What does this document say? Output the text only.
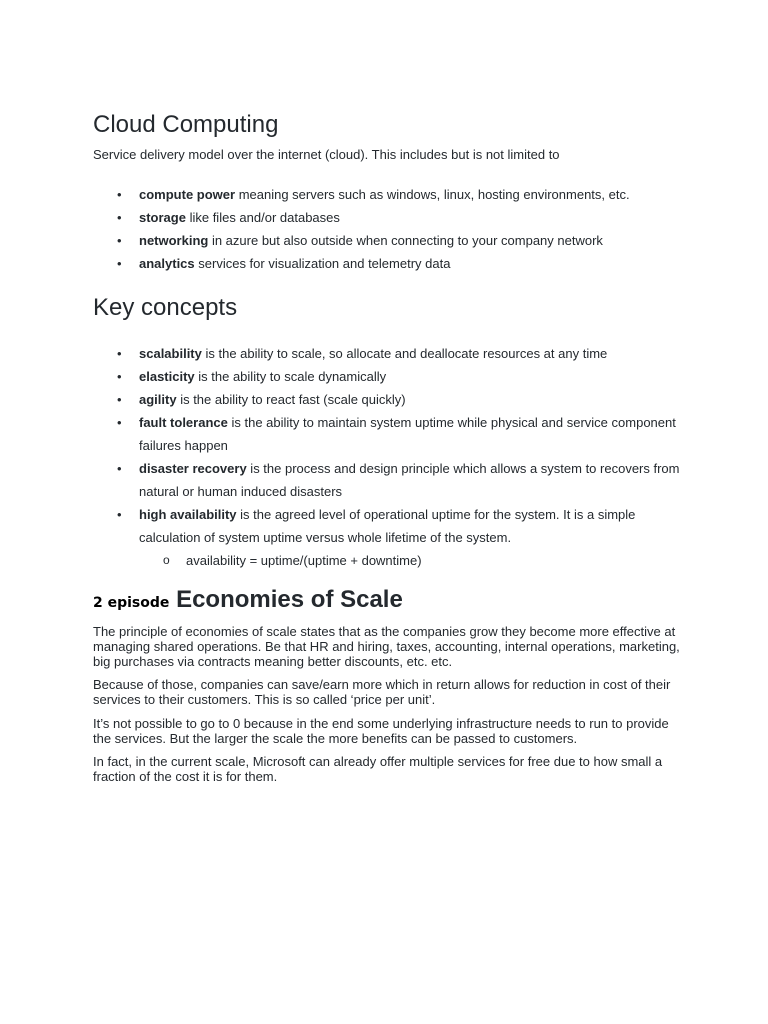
Cloud Computing

Service delivery model over the internet (cloud). This includes but is not limited to

• compute power meaning servers such as windows, linux, hosting environments, etc.
• storage like files and/or databases
• networking in azure but also outside when connecting to your company network
• analytics services for visualization and telemetry data
Key concepts
• scalability is the ability to scale, so allocate and deallocate resources at any time
• elasticity is the ability to scale dynamically
• agility is the ability to react fast (scale quickly)
• fault tolerance is the ability to maintain system uptime while physical and service component failures happen
• disaster recovery is the process and design principle which allows a system to recovers from natural or human induced disasters
• high availability is the agreed level of operational uptime for the system. It is a simple calculation of system uptime versus whole lifetime of the system.
o availability = uptime/(uptime + downtime)
2 episode Economies of Scale

The principle of economies of scale states that as the companies grow they become more effective at managing shared operations. Be that HR and hiring, taxes, accounting, internal operations, marketing, big purchases via contracts meaning better discounts, etc. etc.

Because of those, companies can save/earn more which in return allows for reduction in cost of their services to their customers. This is so called ‘price per unit’.

It’s not possible to go to 0 because in the end some underlying infrastructure needs to run to provide the services. But the larger the scale the more benefits can be passed to customers.

In fact, in the current scale, Microsoft can already offer multiple services for free due to how small a fraction of the cost it is for them.
